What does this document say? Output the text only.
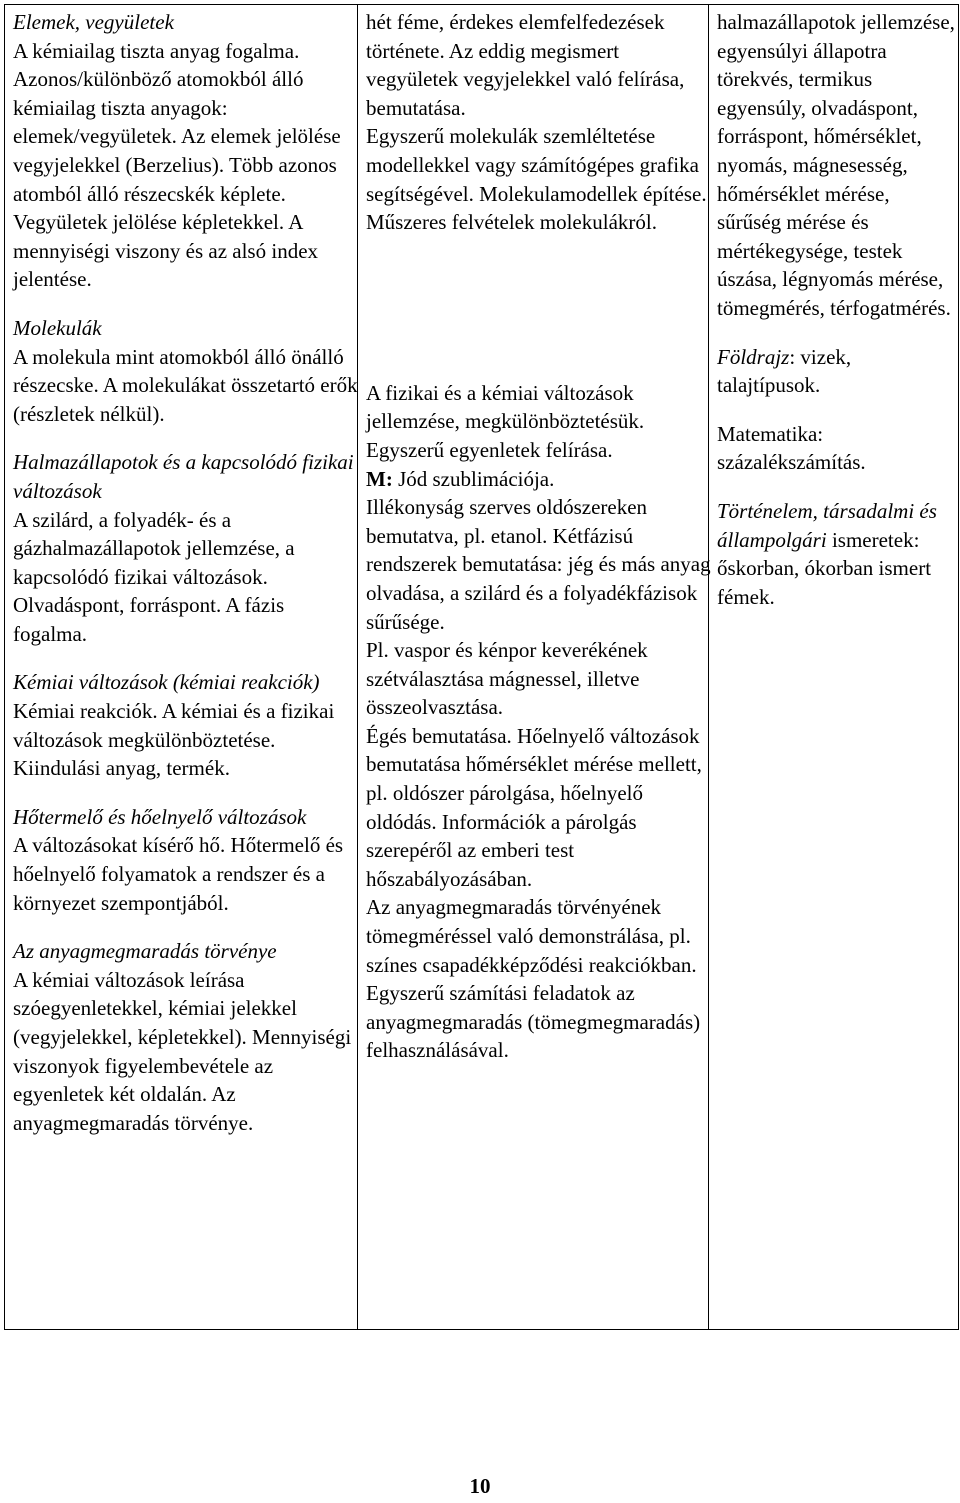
Elemek, vegyületek

A kémiailag tiszta anyag fogalma. Azonos/különböző atomokból álló kémiailag tiszta anyagok: elemek/vegyületek. Az elemek jelölése vegyjelekkel (Berzelius). Több azonos atomból álló részecskék képlete. Vegyületek jelölése képletekkel. A mennyiségi viszony és az alsó index jelentése.

Molekulák

A molekula mint atomokból álló önálló részecske. A molekulákat összetartó erők (részletek nélkül).

Halmazállapotok és a kapcsolódó fizikai változások

A szilárd, a folyadék- és a gázhalmazállapotok jellemzése, a kapcsolódó fizikai változások. Olvadáspont, forráspont. A fázis fogalma.

Kémiai változások (kémiai reakciók)

Kémiai reakciók. A kémiai és a fizikai változások megkülönböztetése. Kiindulási anyag, termék.

Hőtermelő és hőelnyelő változások

A változásokat kísérő hő. Hőtermelő és hőelnyelő folyamatok a rendszer és a környezet szempontjából.

Az anyagmegmaradás törvénye

A kémiai változások leírása szóegyenletekkel, kémiai jelekkel (vegyjelekkel, képletekkel). Mennyiségi viszonyok figyelembevétele az egyenletek két oldalán. Az anyagmegmaradás törvénye.

hét féme, érdekes elemfelfedezések története. Az eddig megismert vegyületek vegyjelekkel való felírása, bemutatása.

Egyszerű molekulák szemléltetése modellekkel vagy számítógépes grafika segítségével. Molekulamodellek építése. Műszeres felvételek molekulákról.

A fizikai és a kémiai változások jellemzése, megkülönböztetésük.

Egyszerű egyenletek felírása.

M: Jód szublimációja.

Illékonyság szerves oldószereken bemutatva, pl. etanol. Kétfázisú rendszerek bemutatása: jég és más anyag olvadása, a szilárd és a folyadékfázisok sűrűsége.

Pl. vaspor és kénpor keverékének szétválasztása mágnessel, illetve összeolvasztása.

Égés bemutatása. Hőelnyelő változások bemutatása hőmérséklet mérése mellett, pl. oldószer párolgása, hőelnyelő oldódás. Információk a párolgás szerepéről az emberi test hőszabályozásában.

Az anyagmegmaradás törvényének tömegméréssel való demonstrálása, pl. színes csapadékképződési reakciókban.

Egyszerű számítási feladatok az anyagmegmaradás (tömegmegmaradás) felhasználásával.

halmazállapotok jellemzése, egyensúlyi állapotra törekvés, termikus egyensúly, olvadáspont, forráspont, hőmérséklet, nyomás, mágnesesség, hőmérséklet mérése, sűrűség mérése és mértékegysége, testek úszása, légnyomás mérése, tömegmérés, térfogatmérés.

Földrajz: vizek, talajtípusok.

Matematika: százalékszámítás.

Történelem, társadalmi és állampolgári ismeretek: őskorban, ókorban ismert fémek.

10
